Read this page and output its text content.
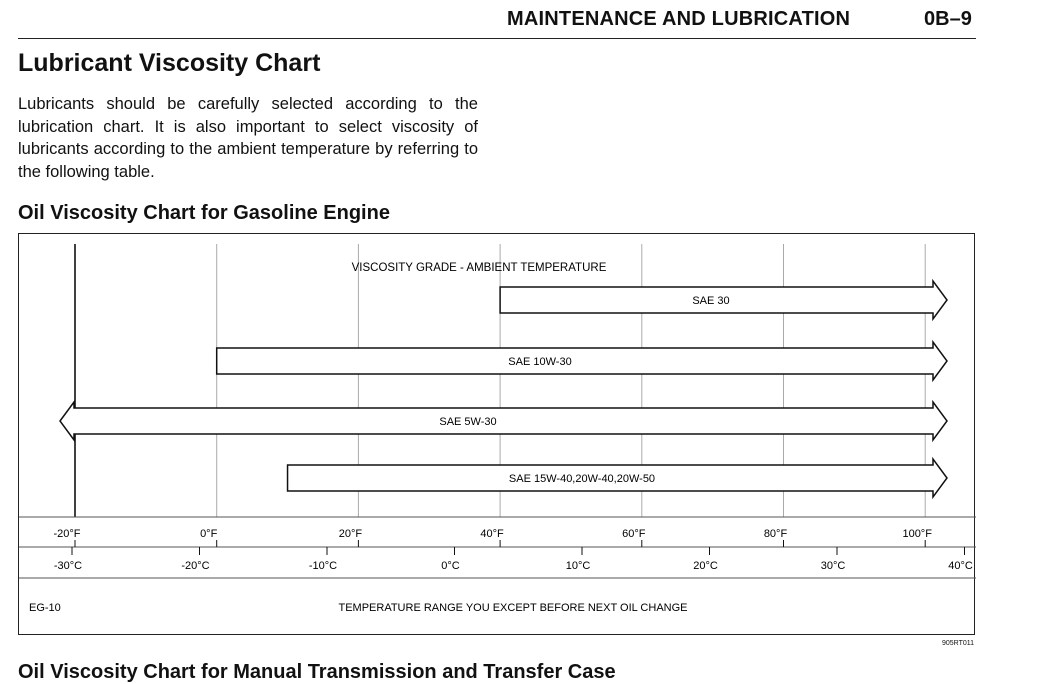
MAINTENANCE AND LUBRICATION	0B–9
Lubricant Viscosity Chart
Lubricants should be carefully selected according to the lubrication chart. It is also important to select viscosity of lubricants according to the ambient temperature by referring to the following table.
Oil Viscosity Chart for Gasoline Engine
VISCOSITY GRADE - AMBIENT TEMPERATURE
SAE 30
SAE 10W-30
SAE 5W-30
SAE 15W-40,20W-40,20W-50
-20°F	0°F	20°F	40°F	60°F	80°F	100°F
-30°C	-20°C	-10°C	0°C	10°C	20°C	30°C	40°C
EG-10	TEMPERATURE RANGE YOU EXCEPT BEFORE NEXT OIL CHANGE
905RT011
Oil Viscosity Chart for Manual Transmission and Transfer Case
